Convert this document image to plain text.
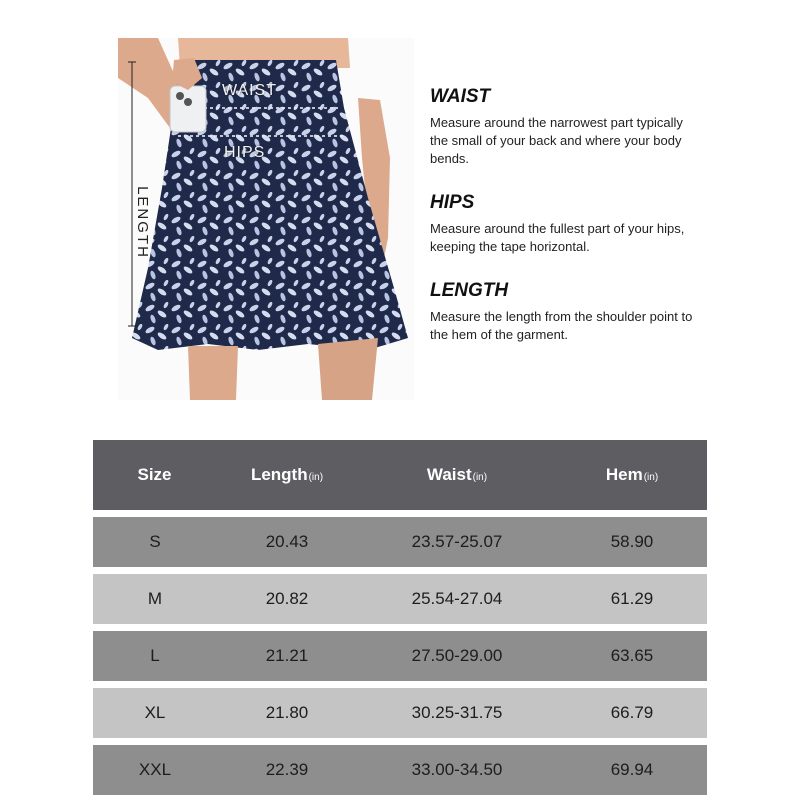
WAIST
HIPS
LENGTH

WAIST

Measure around the narrowest part typically the small of your back and where your body bends.

HIPS

Measure around the fullest part of your hips, keeping the tape horizontal.

LENGTH

Measure the length from the shoulder point to the hem of the garment.

Size	Length(in)	Waist(in)	Hem(in)
S	20.43	23.57-25.07	58.90
M	20.82	25.54-27.04	61.29
L	21.21	27.50-29.00	63.65
XL	21.80	30.25-31.75	66.79
XXL	22.39	33.00-34.50	69.94
